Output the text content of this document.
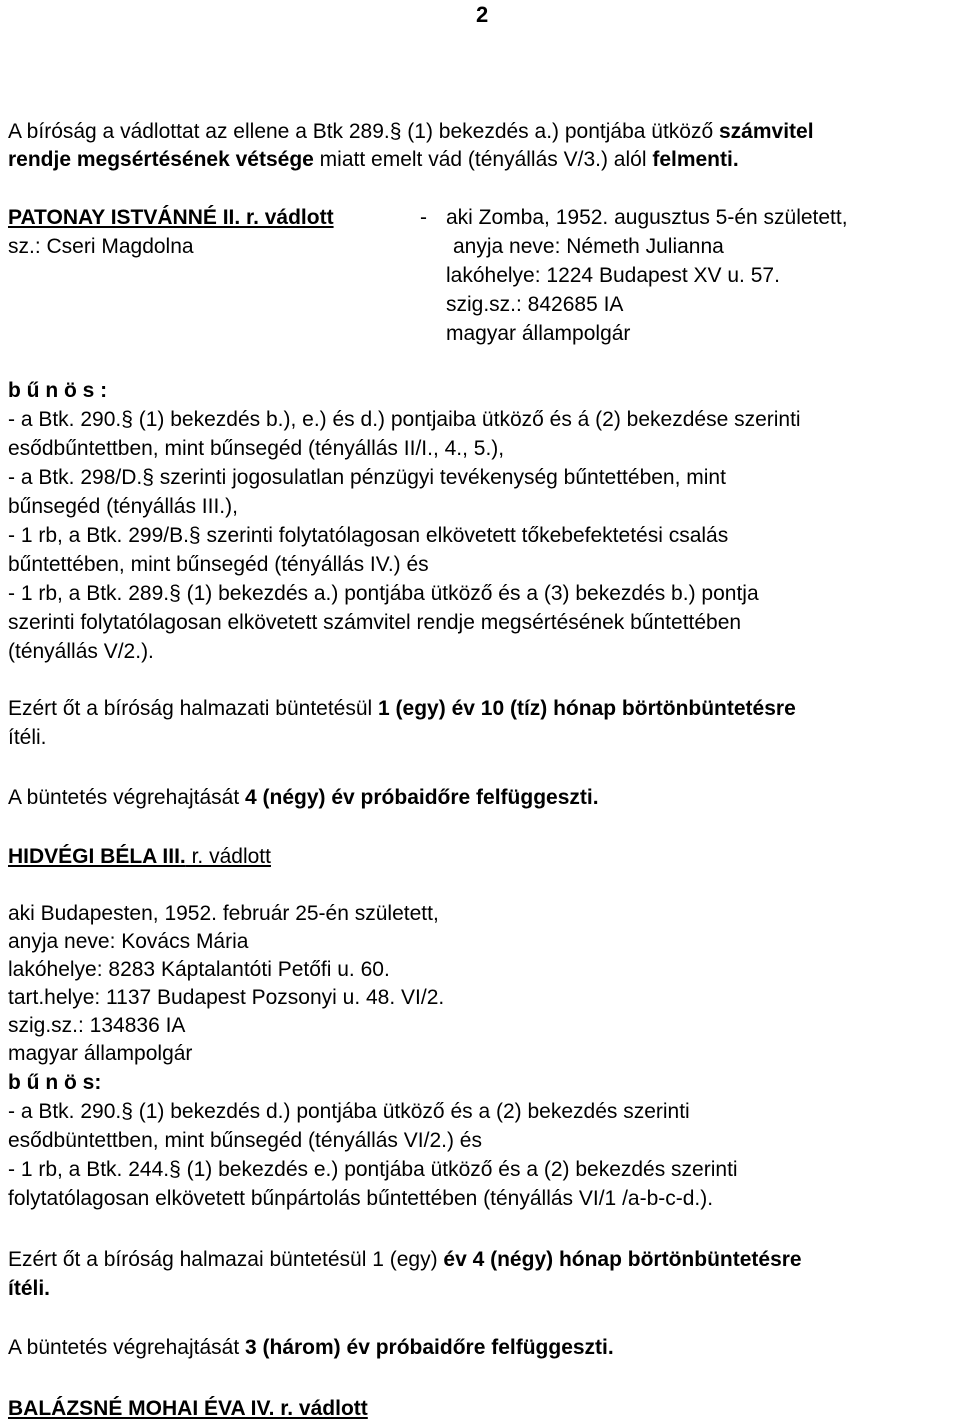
2
A bíróság a vádlottat az ellene a Btk 289.§ (1) bekezdés a.) pontjába ütköző számvitel
rendje megsértésének vétsége miatt emelt vád (tényállás V/3.) alól felmenti.
PATONAY ISTVÁNNÉ II. r. vádlott	- aki Zomba, 1952. augusztus 5-én született,
sz.: Cseri Magdolna	anyja neve: Németh Julianna
lakóhelye: 1224 Budapest XV u. 57.
szig.sz.: 842685 IA
magyar állampolgár
b ű n ö s :
- a Btk. 290.§ (1) bekezdés b.), e.) és d.) pontjaiba ütköző és á (2) bekezdése szerinti
esődbűntettben, mint bűnsegéd (tényállás II/I., 4., 5.),
- a Btk. 298/D.§ szerinti jogosulatlan pénzügyi tevékenység bűntettében, mint
bűnsegéd (tényállás III.),
- 1 rb, a Btk. 299/B.§ szerinti folytatólagosan elkövetett tőkebefektetési csalás
bűntettében, mint bűnsegéd (tényállás IV.) és
- 1 rb, a Btk. 289.§ (1) bekezdés a.) pontjába ütköző és a (3) bekezdés b.) pontja
szerinti folytatólagosan elkövetett számvitel rendje megsértésének bűntettében
(tényállás V/2.).
Ezért őt a bíróság halmazati büntetésül 1 (egy) év 10 (tíz) hónap börtönbüntetésre
ítéli.
A büntetés végrehajtását 4 (négy) év próbaidőre felfüggeszti.
HIDVÉGI BÉLA III. r. vádlott
aki Budapesten, 1952. február 25-én született,
anyja neve: Kovács Mária
lakóhelye: 8283 Káptalantóti Petőfi u. 60.
tart.helye: 1137 Budapest Pozsonyi u. 48. VI/2.
szig.sz.: 134836 IA
magyar állampolgár
b ű n ö s:
- a Btk. 290.§ (1) bekezdés d.) pontjába ütköző és a (2) bekezdés szerinti
esődbüntettben, mint bűnsegéd (tényállás VI/2.) és
- 1 rb, a Btk. 244.§ (1) bekezdés e.) pontjába ütköző és a (2) bekezdés szerinti
folytatólagosan elkövetett bűnpártolás bűntettében (tényállás VI/1 /a-b-c-d.).
Ezért őt a bíróság halmazai büntetésül 1 (egy) év 4 (négy) hónap börtönbüntetésre
ítéli.
A büntetés végrehajtását 3 (három) év próbaidőre felfüggeszti.
BALÁZSNÉ MOHAI ÉVA IV. r. vádlott
